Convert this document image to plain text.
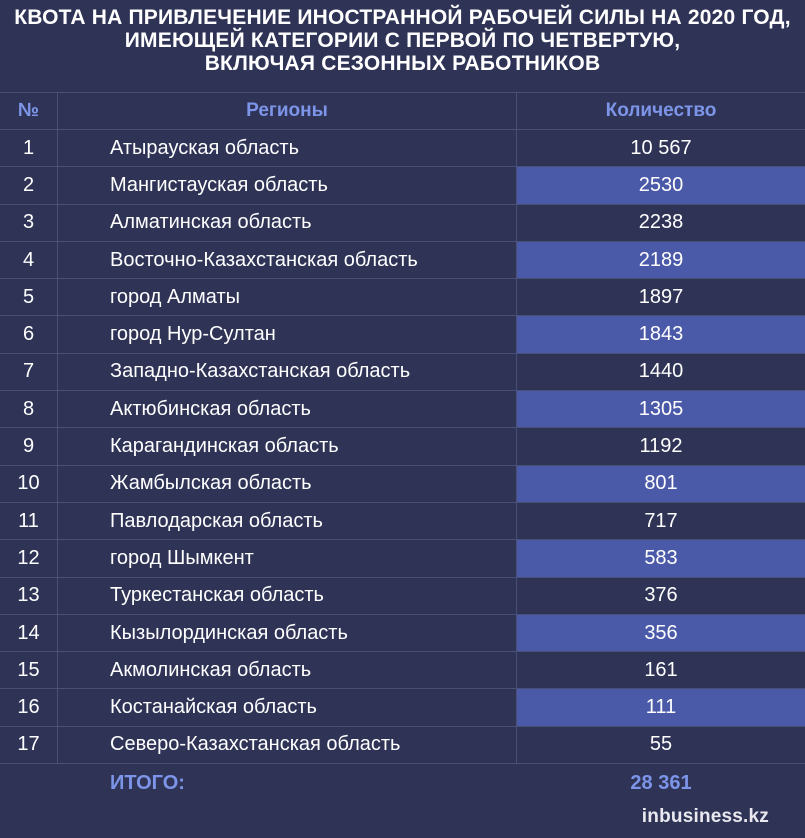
КВОТА НА ПРИВЛЕЧЕНИЕ ИНОСТРАННОЙ РАБОЧЕЙ СИЛЫ НА 2020 ГОД,
ИМЕЮЩЕЙ КАТЕГОРИИ С ПЕРВОЙ ПО ЧЕТВЕРТУЮ,
ВКЛЮЧАЯ СЕЗОННЫХ РАБОТНИКОВ
№	Регионы	Количество
1	Атырауская область	10 567
2	Мангистауская область	2530
3	Алматинская область	2238
4	Восточно-Казахстанская область	2189
5	город Алматы	1897
6	город Нур-Султан	1843
7	Западно-Казахстанская область	1440
8	Актюбинская область	1305
9	Карагандинская область	1192
10	Жамбылская область	801
11	Павлодарская область	717
12	город Шымкент	583
13	Туркестанская область	376
14	Кызылординская область	356
15	Акмолинская область	161
16	Костанайская область	111
17	Северо-Казахстанская область	55
ИТОГО:	28 361
inbusiness.kz
